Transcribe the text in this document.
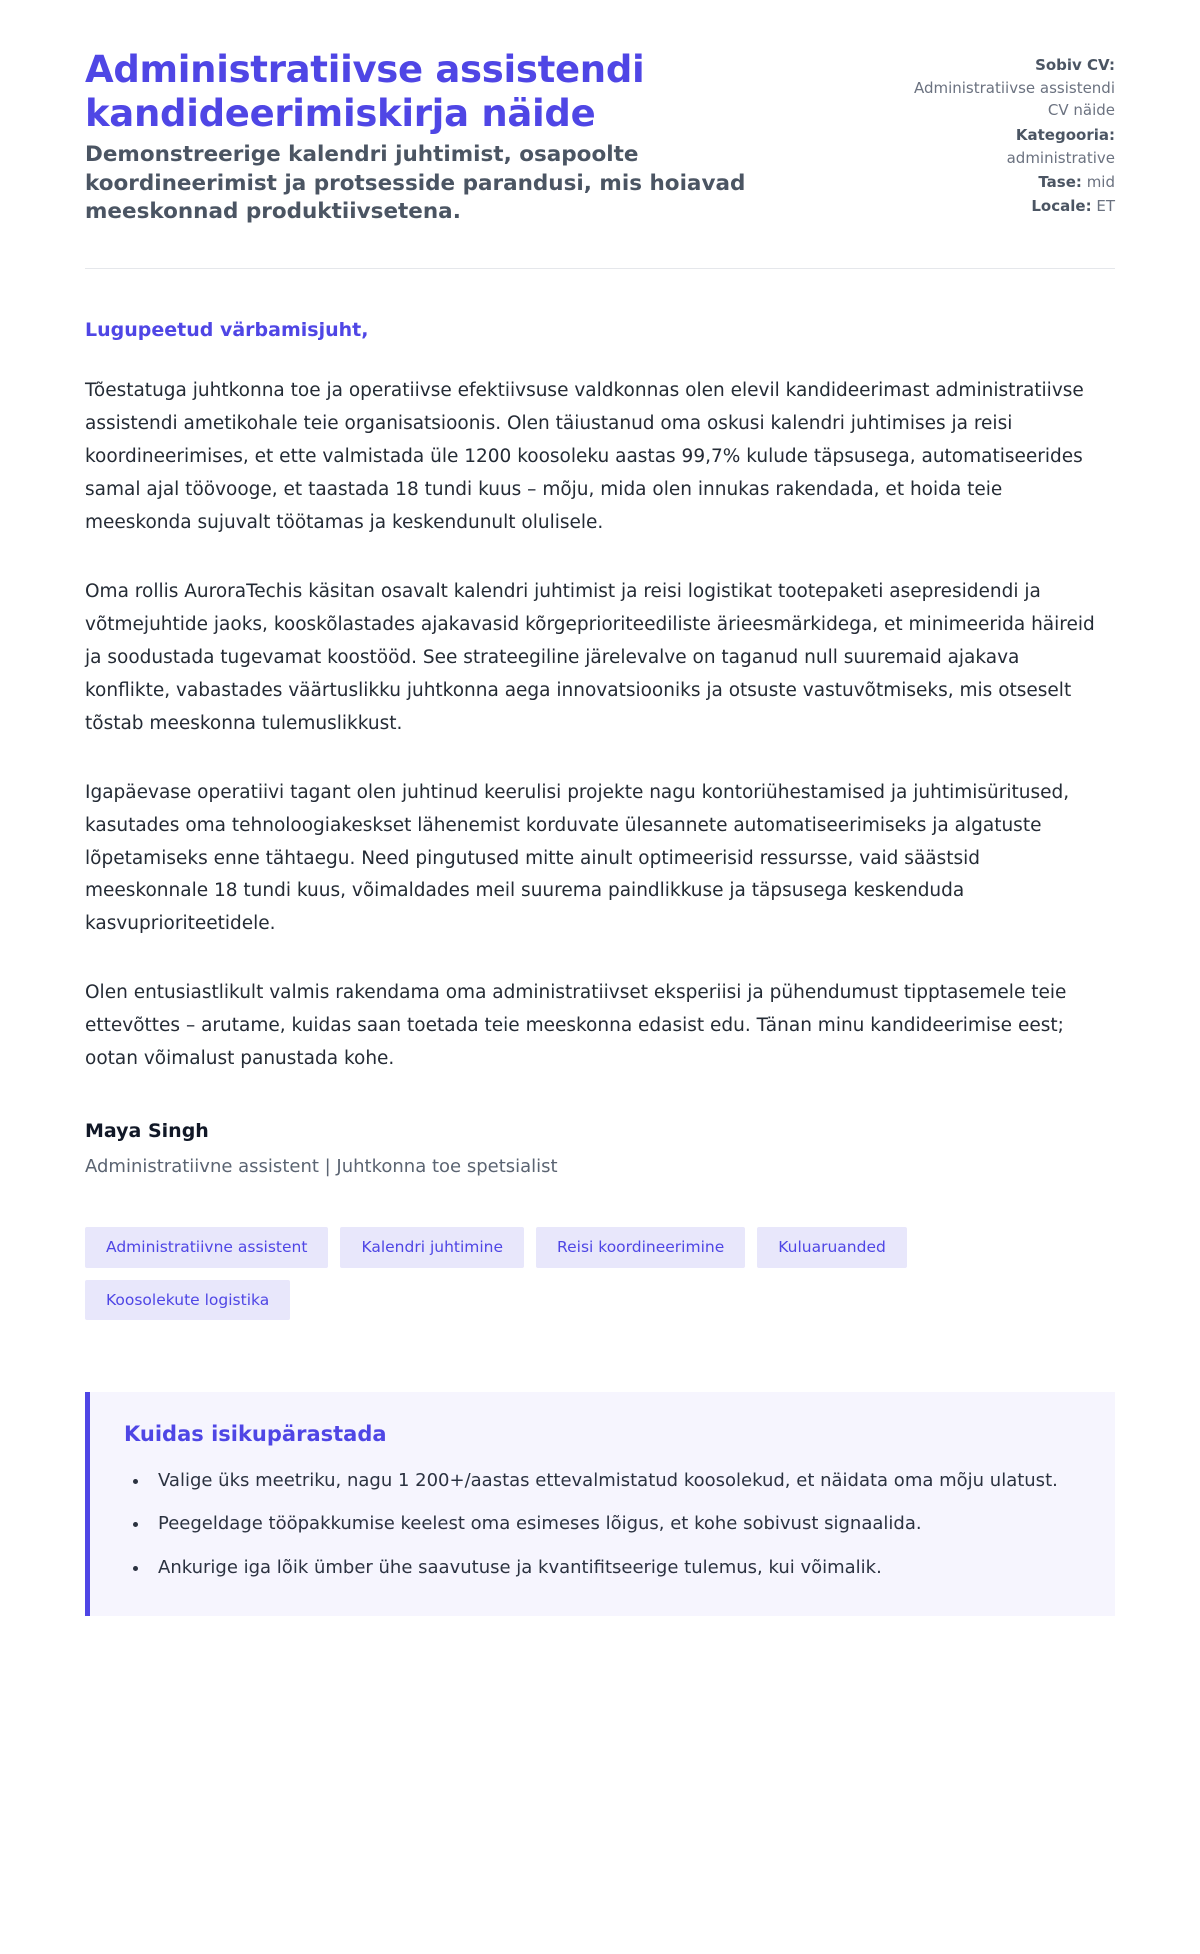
Administratiivse assistendi kandideerimiskirja näide

Demonstreerige kalendri juhtimist, osapoolte koordineerimist ja protsesside parandusi, mis hoiavad meeskonnad produktiivsetena.

Sobiv CV:
Administratiivse assistendi CV näide
Kategooria:
administrative
Tase: mid
Locale: ET

Lugupeetud värbamisjuht,

Tõestatuga juhtkonna toe ja operatiivse efektiivsuse valdkonnas olen elevil kandideerimast administratiivse assistendi ametikohale teie organisatsioonis. Olen täiustanud oma oskusi kalendri juhtimises ja reisi koordineerimises, et ette valmistada üle 1200 koosoleku aastas 99,7% kulude täpsusega, automatiseerides samal ajal töövooge, et taastada 18 tundi kuus – mõju, mida olen innukas rakendada, et hoida teie meeskonda sujuvalt töötamas ja keskendunult olulisele.

Oma rollis AuroraTechis käsitan osavalt kalendri juhtimist ja reisi logistikat tootepaketi asepresidendi ja võtmejuhtide jaoks, kooskõlastades ajakavasid kõrgeprioriteediliste ärieesmärkidega, et minimeerida häireid ja soodustada tugevamat koostööd. See strateegiline järelevalve on taganud null suuremaid ajakava konflikte, vabastades väärtuslikku juhtkonna aega innovatsiooniks ja otsuste vastuvõtmiseks, mis otseselt tõstab meeskonna tulemuslikkust.

Igapäevase operatiivi tagant olen juhtinud keerulisi projekte nagu kontoriühestamised ja juhtimisüritused, kasutades oma tehnoloogiakeskset lähenemist korduvate ülesannete automatiseerimiseks ja algatuste lõpetamiseks enne tähtaegu. Need pingutused mitte ainult optimeerisid ressursse, vaid säästsid meeskonnale 18 tundi kuus, võimaldades meil suurema paindlikkuse ja täpsusega keskenduda kasvuprioriteetidele.

Olen entusiastlikult valmis rakendama oma administratiivset eksperiisi ja pühendumust tipptasemele teie ettevõttes – arutame, kuidas saan toetada teie meeskonna edasist edu. Tänan minu kandideerimise eest; ootan võimalust panustada kohe.

Maya Singh

Administratiivne assistent | Juhtkonna toe spetsialist

Administratiivne assistent	Kalendri juhtimine	Reisi koordineerimine	Kuluaruanded
Koosolekute logistika
Kuidas isikupärastada
• Valige üks meetriku, nagu 1 200+/aastas ettevalmistatud koosolekud, et näidata oma mõju ulatust.
• Peegeldage tööpakkumise keelest oma esimeses lõigus, et kohe sobivust signaalida.
• Ankurige iga lõik ümber ühe saavutuse ja kvantifitseerige tulemus, kui võimalik.
